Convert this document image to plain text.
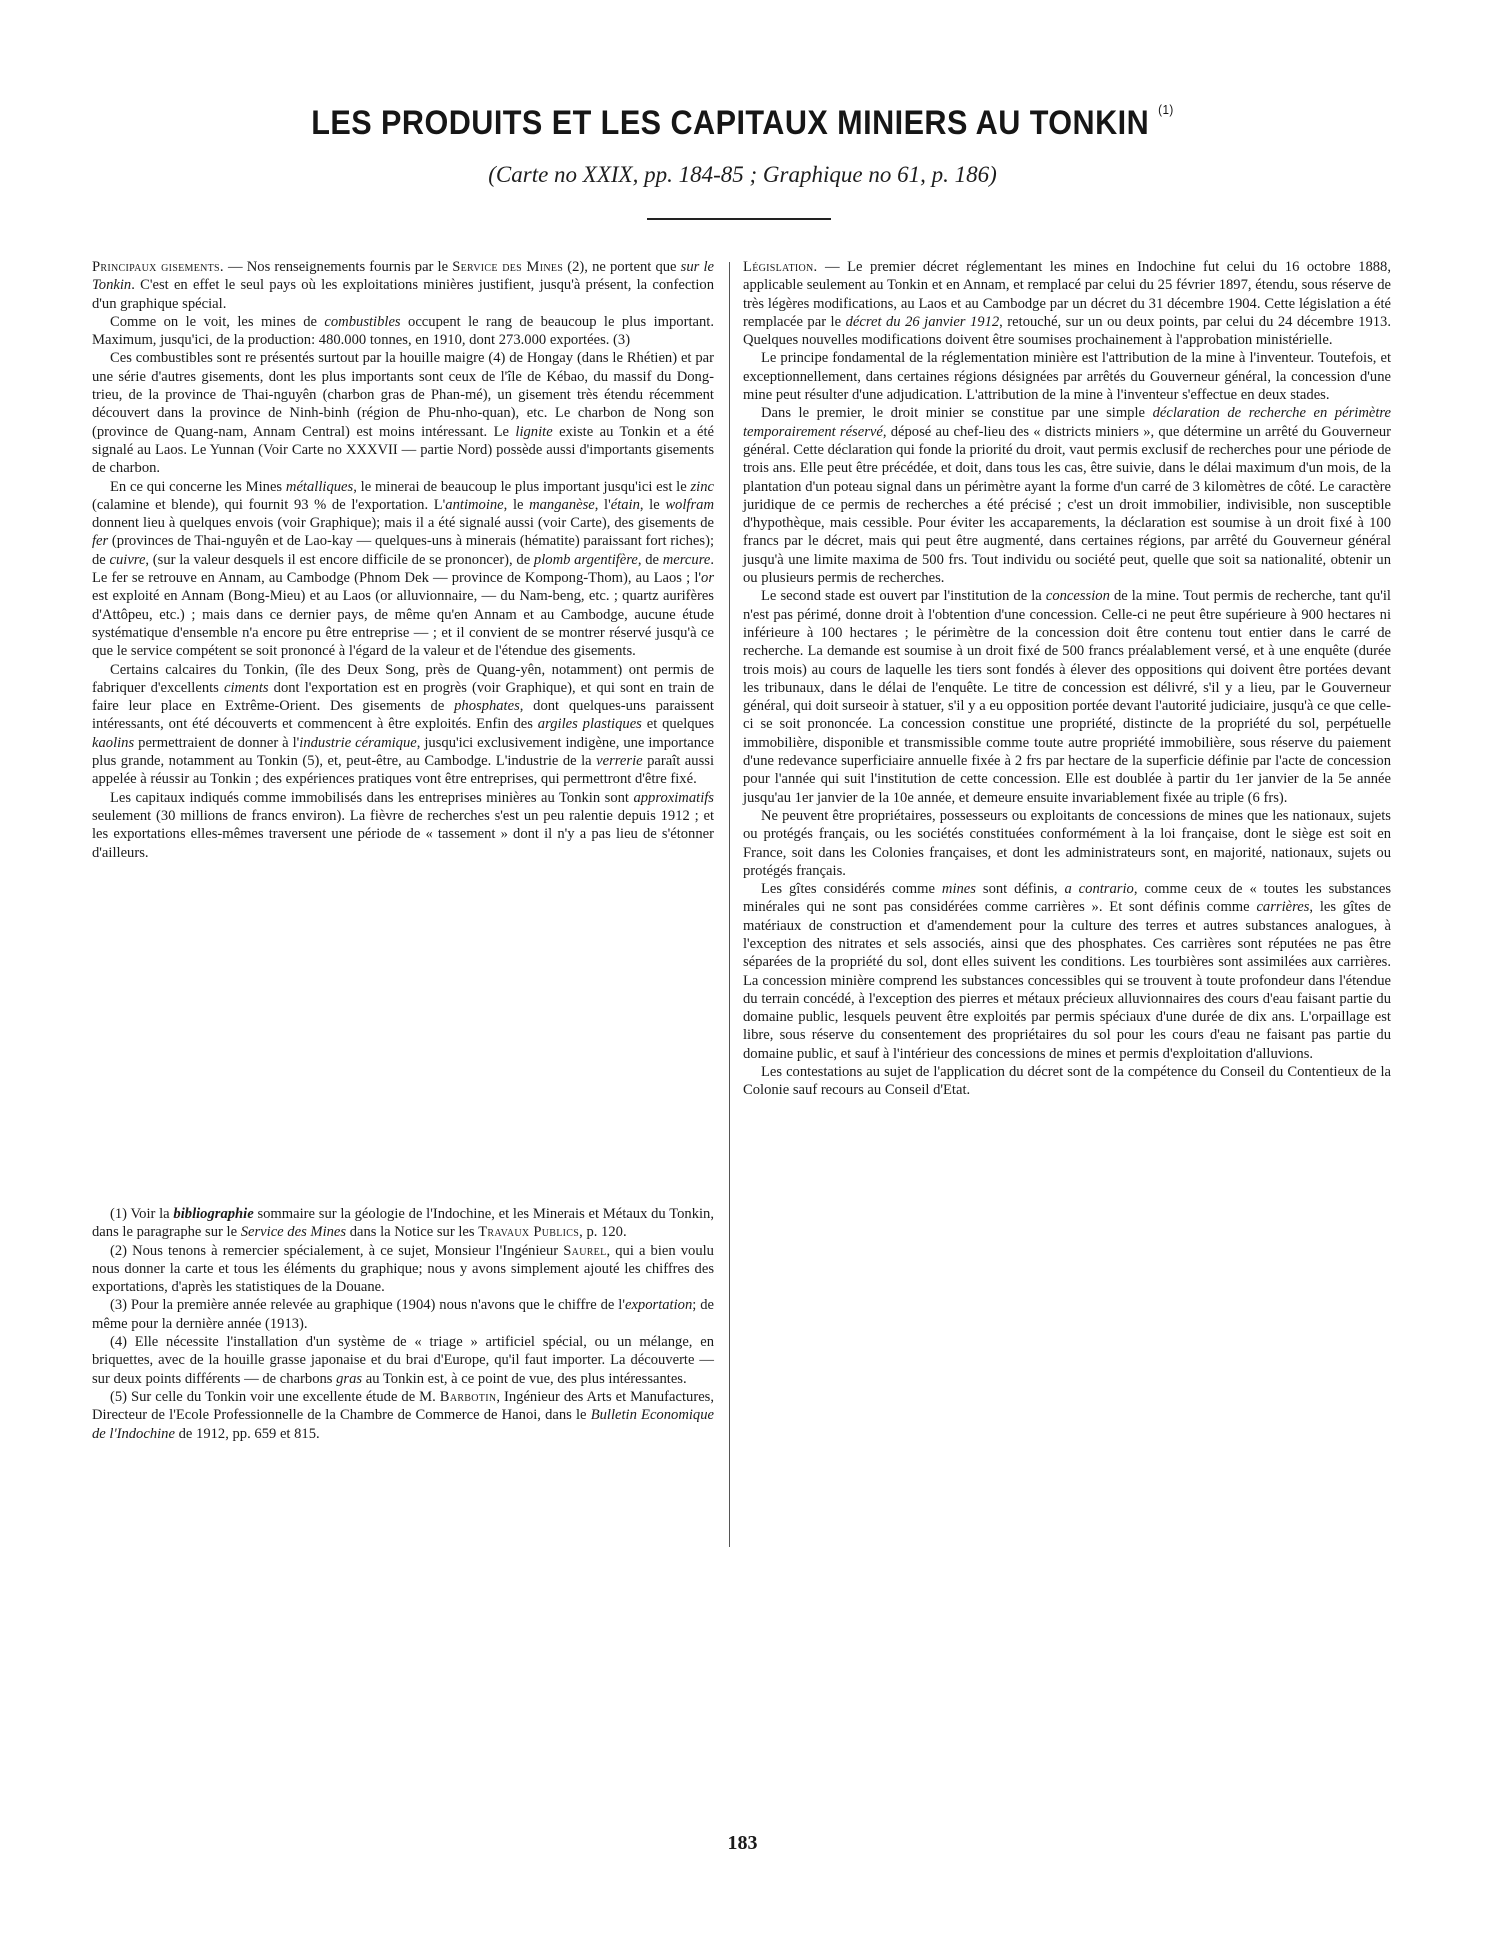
LES PRODUITS ET LES CAPITAUX MINIERS AU TONKIN $^{(1)}$
(Carte no XXIX, pp. 184-85 ; Graphique no 61, p. 186)

Principaux gisements. — Nos renseignements fournis par le Service des Mines (2), ne portent que sur le Tonkin. C'est en effet le seul pays où les exploitations minières justifient, jusqu'à présent, la confection d'un graphique spécial.

Comme on le voit, les mines de combustibles occupent le rang de beaucoup le plus important. Maximum, jusqu'ici, de la production: 480.000 tonnes, en 1910, dont 273.000 exportées. (3)

Ces combustibles sont re présentés surtout par la houille maigre (4) de Hongay (dans le Rhétien) et par une série d'autres gisements, dont les plus importants sont ceux de l'île de Kébao, du massif du Dong-trieu, de la province de Thai-nguyên (charbon gras de Phan-mé), un gisement très étendu récemment découvert dans la province de Ninh-binh (région de Phu-nho-quan), etc. Le charbon de Nong son (province de Quang-nam, Annam Central) est moins intéressant. Le lignite existe au Tonkin et a été signalé au Laos. Le Yunnan (Voir Carte no XXXVII — partie Nord) possède aussi d'importants gisements de charbon.

En ce qui concerne les Mines métalliques, le minerai de beaucoup le plus important jusqu'ici est le zinc (calamine et blende), qui fournit 93 % de l'exportation. L'antimoine, le manganèse, l'étain, le wolfram donnent lieu à quelques envois (voir Graphique); mais il a été signalé aussi (voir Carte), des gisements de fer (provinces de Thai-nguyên et de Lao-kay — quelques-uns à minerais (hématite) paraissant fort riches); de cuivre, (sur la valeur desquels il est encore difficile de se prononcer), de plomb argentifère, de mercure. Le fer se retrouve en Annam, au Cambodge (Phnom Dek — province de Kompong-Thom), au Laos ; l'or est exploité en Annam (Bong-Mieu) et au Laos (or alluvionnaire, — du Nam-beng, etc. ; quartz aurifères d'Attôpeu, etc.) ; mais dans ce dernier pays, de même qu'en Annam et au Cambodge, aucune étude systématique d'ensemble n'a encore pu être entreprise — ; et il convient de se montrer réservé jusqu'à ce que le service compétent se soit prononcé à l'égard de la valeur et de l'étendue des gisements.

Certains calcaires du Tonkin, (île des Deux Song, près de Quang-yên, notamment) ont permis de fabriquer d'excellents ciments dont l'exportation est en progrès (voir Graphique), et qui sont en train de faire leur place en Extrême-Orient. Des gisements de phosphates, dont quelques-uns paraissent intéressants, ont été découverts et commencent à être exploités. Enfin des argiles plastiques et quelques kaolins permettraient de donner à l'industrie céramique, jusqu'ici exclusivement indigène, une importance plus grande, notamment au Tonkin (5), et, peut-être, au Cambodge. L'industrie de la verrerie paraît aussi appelée à réussir au Tonkin ; des expériences pratiques vont être entreprises, qui permettront d'être fixé.

Les capitaux indiqués comme immobilisés dans les entreprises minières au Tonkin sont approximatifs seulement (30 millions de francs environ). La fièvre de recherches s'est un peu ralentie depuis 1912 ; et les exportations elles-mêmes traversent une période de « tassement » dont il n'y a pas lieu de s'étonner d'ailleurs.

(1) Voir la bibliographie sommaire sur la géologie de l'Indochine, et les Minerais et Métaux du Tonkin, dans le paragraphe sur le Service des Mines dans la Notice sur les Travaux Publics, p. 120.

(2) Nous tenons à remercier spécialement, à ce sujet, Monsieur l'Ingénieur Saurel, qui a bien voulu nous donner la carte et tous les éléments du graphique; nous y avons simplement ajouté les chiffres des exportations, d'après les statistiques de la Douane.

(3) Pour la première année relevée au graphique (1904) nous n'avons que le chiffre de l'exportation; de même pour la dernière année (1913).

(4) Elle nécessite l'installation d'un système de « triage » artificiel spécial, ou un mélange, en briquettes, avec de la houille grasse japonaise et du brai d'Europe, qu'il faut importer. La découverte — sur deux points différents — de charbons gras au Tonkin est, à ce point de vue, des plus intéressantes.

(5) Sur celle du Tonkin voir une excellente étude de M. Barbotin, Ingénieur des Arts et Manufactures, Directeur de l'Ecole Professionnelle de la Chambre de Commerce de Hanoi, dans le Bulletin Economique de l'Indochine de 1912, pp. 659 et 815.

Législation. — Le premier décret réglementant les mines en Indochine fut celui du 16 octobre 1888, applicable seulement au Tonkin et en Annam, et remplacé par celui du 25 février 1897, étendu, sous réserve de très légères modifications, au Laos et au Cambodge par un décret du 31 décembre 1904. Cette législation a été remplacée par le décret du 26 janvier 1912, retouché, sur un ou deux points, par celui du 24 décembre 1913. Quelques nouvelles modifications doivent être soumises prochainement à l'approbation ministérielle.

Le principe fondamental de la réglementation minière est l'attribution de la mine à l'inventeur. Toutefois, et exceptionnellement, dans certaines régions désignées par arrêtés du Gouverneur général, la concession d'une mine peut résulter d'une adjudication. L'attribution de la mine à l'inventeur s'effectue en deux stades.

Dans le premier, le droit minier se constitue par une simple déclaration de recherche en périmètre temporairement réservé, déposé au chef-lieu des « districts miniers », que détermine un arrêté du Gouverneur général. Cette déclaration qui fonde la priorité du droit, vaut permis exclusif de recherches pour une période de trois ans. Elle peut être précédée, et doit, dans tous les cas, être suivie, dans le délai maximum d'un mois, de la plantation d'un poteau signal dans un périmètre ayant la forme d'un carré de 3 kilomètres de côté. Le caractère juridique de ce permis de recherches a été précisé ; c'est un droit immobilier, indivisible, non susceptible d'hypothèque, mais cessible. Pour éviter les accaparements, la déclaration est soumise à un droit fixé à 100 francs par le décret, mais qui peut être augmenté, dans certaines régions, par arrêté du Gouverneur général jusqu'à une limite maxima de 500 frs. Tout individu ou société peut, quelle que soit sa nationalité, obtenir un ou plusieurs permis de recherches.

Le second stade est ouvert par l'institution de la concession de la mine. Tout permis de recherche, tant qu'il n'est pas périmé, donne droit à l'obtention d'une concession. Celle-ci ne peut être supérieure à 900 hectares ni inférieure à 100 hectares ; le périmètre de la concession doit être contenu tout entier dans le carré de recherche. La demande est soumise à un droit fixé de 500 francs préalablement versé, et à une enquête (durée trois mois) au cours de laquelle les tiers sont fondés à élever des oppositions qui doivent être portées devant les tribunaux, dans le délai de l'enquête. Le titre de concession est délivré, s'il y a lieu, par le Gouverneur général, qui doit surseoir à statuer, s'il y a eu opposition portée devant l'autorité judiciaire, jusqu'à ce que celle-ci se soit prononcée. La concession constitue une propriété, distincte de la propriété du sol, perpétuelle immobilière, disponible et transmissible comme toute autre propriété immobilière, sous réserve du paiement d'une redevance superficiaire annuelle fixée à 2 frs par hectare de la superficie définie par l'acte de concession pour l'année qui suit l'institution de cette concession. Elle est doublée à partir du 1er janvier de la 5e année jusqu'au 1er janvier de la 10e année, et demeure ensuite invariablement fixée au triple (6 frs).

Ne peuvent être propriétaires, possesseurs ou exploitants de concessions de mines que les nationaux, sujets ou protégés français, ou les sociétés constituées conformément à la loi française, dont le siège est soit en France, soit dans les Colonies françaises, et dont les administrateurs sont, en majorité, nationaux, sujets ou protégés français.

Les gîtes considérés comme mines sont définis, a contrario, comme ceux de « toutes les substances minérales qui ne sont pas considérées comme carrières ». Et sont définis comme carrières, les gîtes de matériaux de construction et d'amendement pour la culture des terres et autres substances analogues, à l'exception des nitrates et sels associés, ainsi que des phosphates. Ces carrières sont réputées ne pas être séparées de la propriété du sol, dont elles suivent les conditions. Les tourbières sont assimilées aux carrières. La concession minière comprend les substances concessibles qui se trouvent à toute profondeur dans l'étendue du terrain concédé, à l'exception des pierres et métaux précieux alluvionnaires des cours d'eau faisant partie du domaine public, lesquels peuvent être exploités par permis spéciaux d'une durée de dix ans. L'orpaillage est libre, sous réserve du consentement des propriétaires du sol pour les cours d'eau ne faisant pas partie du domaine public, et sauf à l'intérieur des concessions de mines et permis d'exploitation d'alluvions.

Les contestations au sujet de l'application du décret sont de la compétence du Conseil du Contentieux de la Colonie sauf recours au Conseil d'Etat.

183
